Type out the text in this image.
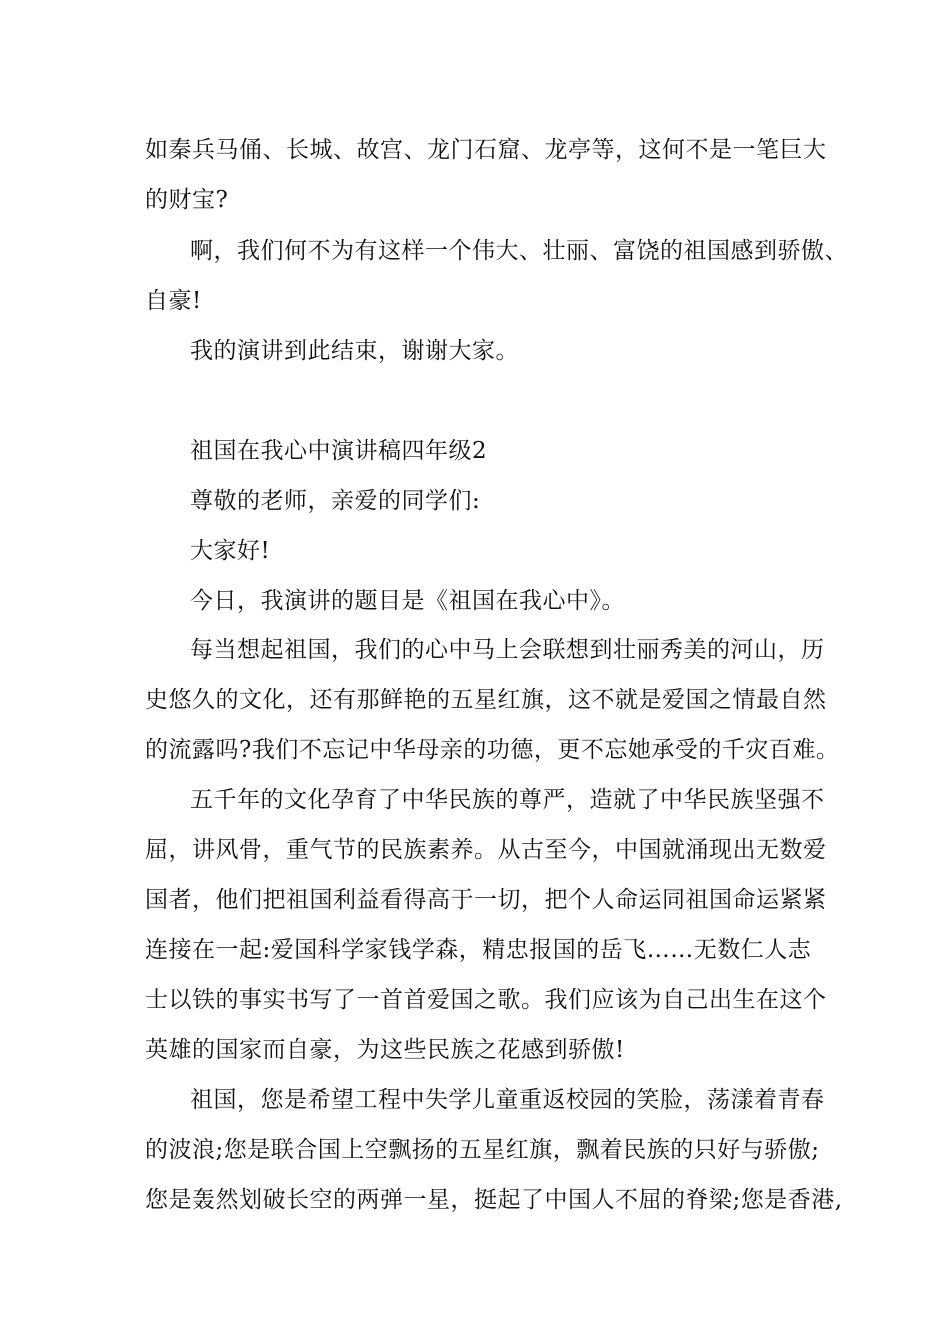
如秦兵马俑、长城、故宫、龙门石窟、龙亭等，这何不是一笔巨大
的财宝?
啊，我们何不为有这样一个伟大、壮丽、富饶的祖国感到骄傲、
自豪!
我的演讲到此结束，谢谢大家。
祖国在我心中演讲稿四年级2
尊敬的老师，亲爱的同学们:
大家好!
今日，我演讲的题目是《祖国在我心中》。
每当想起祖国，我们的心中马上会联想到壮丽秀美的河山，历
史悠久的文化，还有那鲜艳的五星红旗，这不就是爱国之情最自然
的流露吗?我们不忘记中华母亲的功德，更不忘她承受的千灾百难。
五千年的文化孕育了中华民族的尊严，造就了中华民族坚强不
屈，讲风骨，重气节的民族素养。从古至今，中国就涌现出无数爱
国者，他们把祖国利益看得高于一切，把个人命运同祖国命运紧紧
连接在一起:爱国科学家钱学森，精忠报国的岳飞……无数仁人志
士以铁的事实书写了一首首爱国之歌。我们应该为自己出生在这个
英雄的国家而自豪，为这些民族之花感到骄傲!
祖国，您是希望工程中失学儿童重返校园的笑脸，荡漾着青春
的波浪;您是联合国上空飘扬的五星红旗，飘着民族的只好与骄傲;
您是轰然划破长空的两弹一星，挺起了中国人不屈的脊梁;您是香港,
